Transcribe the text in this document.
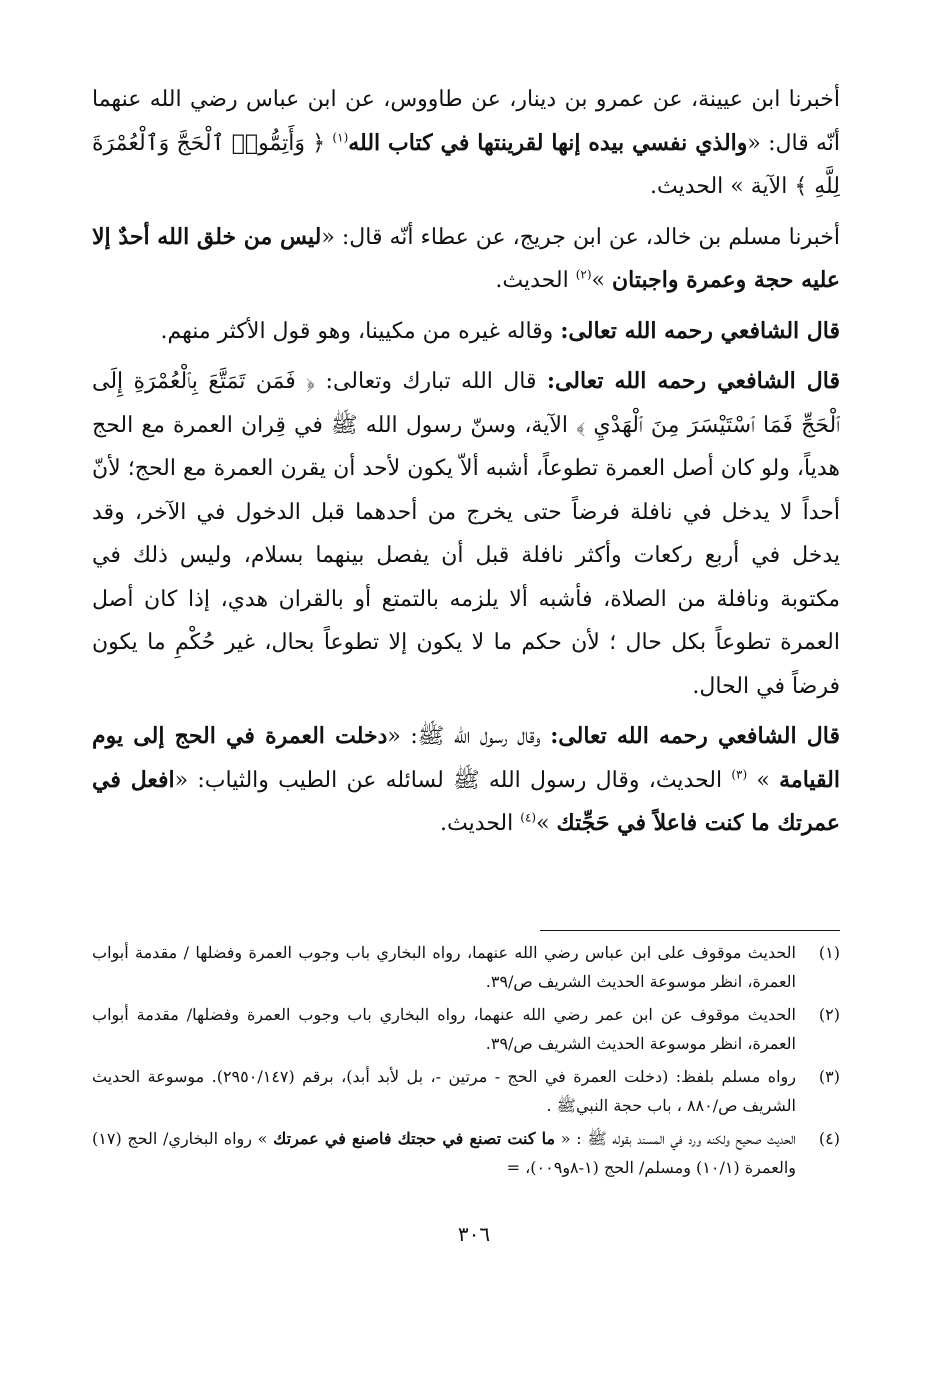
أخبرنا ابن عيينة، عن عمرو بن دينار، عن طاووس، عن ابن عباس رضي الله عنهما أنّه قال: «والذي نفسي بيده إنها لقرينتها في كتاب الله$^{(١)}$ ﴿ وَأَتِمُّوا۟ ٱلْحَجَّ وَٱلْعُمْرَةَ لِلَّهِ ﴾ الآية » الحديث.

أخبرنا مسلم بن خالد، عن ابن جريج، عن عطاء أنّه قال: «ليس من خلق الله أحدٌ إلا عليه حجة وعمرة واجبتان »$^{(٢)}$ الحديث.

قال الشافعي رحمه الله تعالى: وقاله غيره من مكيينا، وهو قول الأكثر منهم.

قال الشافعي رحمه الله تعالى: قال الله تبارك وتعالى: ﴿ فَمَن تَمَتَّعَ بِٱلْعُمْرَةِ إِلَى ٱلْحَجِّ فَمَا ٱسْتَيْسَرَ مِنَ ٱلْهَدْيِ ﴾ الآية، وسنّ رسول الله ﷺ في قِران العمرة مع الحج هدياً، ولو كان أصل العمرة تطوعاً، أشبه ألاّ يكون لأحد أن يقرن العمرة مع الحج؛ لأنّ أحداً لا يدخل في نافلة فرضاً حتى يخرج من أحدهما قبل الدخول في الآخر، وقد يدخل في أربع ركعات وأكثر نافلة قبل أن يفصل بينهما بسلام، وليس ذلك في مكتوبة ونافلة من الصلاة، فأشبه ألا يلزمه بالتمتع أو بالقران هدي، إذا كان أصل العمرة تطوعاً بكل حال ؛ لأن حكم ما لا يكون إلا تطوعاً بحال، غير حُكْمِ ما يكون فرضاً في الحال.

قال الشافعي رحمه الله تعالى: وقال رسول الله ﷺ: «دخلت العمرة في الحج إلى يوم القيامة » $^{(٣)}$ الحديث، وقال رسول الله ﷺ لسائله عن الطيب والثياب: «افعل في عمرتك ما كنت فاعلاً في حَجِّتك »$^{(٤)}$ الحديث.

(١)
الحديث موقوف على ابن عباس رضي الله عنهما، رواه البخاري باب وجوب العمرة وفضلها / مقدمة أبواب العمرة، انظر موسوعة الحديث الشريف ص/٣٩.
(٢)
الحديث موقوف عن ابن عمر رضي الله عنهما، رواه البخاري باب وجوب العمرة وفضلها/ مقدمة أبواب العمرة، انظر موسوعة الحديث الشريف ص/٣٩.
(٣)
رواه مسلم بلفظ: (دخلت العمرة في الحج - مرتين -، بل لأبد أبد)، برقم (٢٩٥٠/١٤٧). موسوعة الحديث الشريف ص/٨٨٠ ، باب حجة النبيﷺ .
(٤)
الحديث صحيح ولكنه ورد في المسند بقوله ﷺ : « ما كنت تصنع في حجتك فاصنع في عمرتك » رواه البخاري/ الحج (١٧) والعمرة (١٠/١) ومسلم/ الحج (١-٨و٠٠٩)، =
٣٠٦
